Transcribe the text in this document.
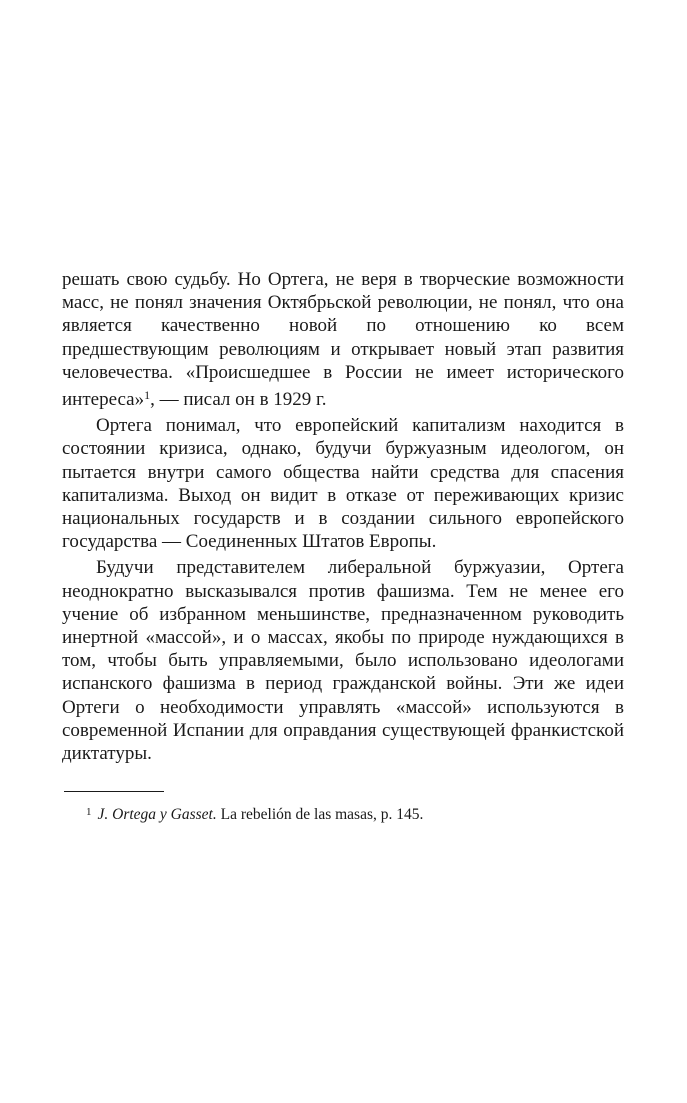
решать свою судьбу. Но Ортега, не веря в творческие возможности масс, не понял значения Октябрьской революции, не понял, что она является качественно новой по отношению ко всем предшествующим революциям и открывает новый этап развития человечества. «Происшедшее в России не имеет исторического интереса»$^1$, — писал он в 1929 г.

Ортега понимал, что европейский капитализм находится в состоянии кризиса, однако, будучи буржуазным идеологом, он пытается внутри самого общества найти средства для спасения капитализма. Выход он видит в отказе от переживающих кризис национальных государств и в создании сильного европейского государства — Соединенных Штатов Европы.

Будучи представителем либеральной буржуазии, Ортега неоднократно высказывался против фашизма. Тем не менее его учение об избранном меньшинстве, предназначенном руководить инертной «массой», и о массах, якобы по природе нуждающихся в том, чтобы быть управляемыми, было использовано идеологами испанского фашизма в период гражданской войны. Эти же идеи Ортеги о необходимости управлять «массой» используются в современной Испании для оправдания существующей франкистской диктатуры.

$^1$ J. Ortega y Gasset. La rebelión de las masas, p. 145.
